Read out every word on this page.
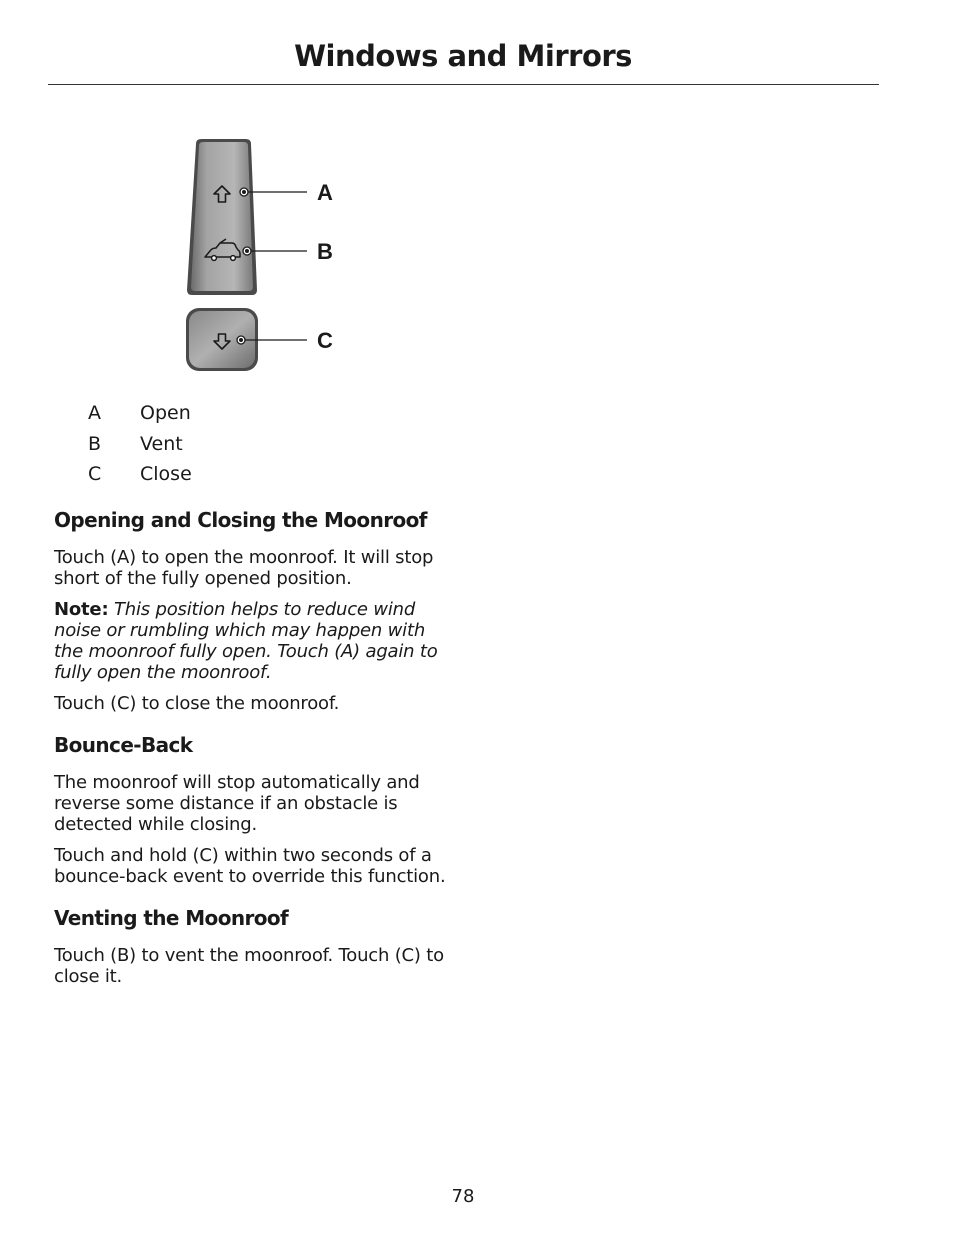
Windows and Mirrors
A
B
C
A	Open
B	Vent
C	Close
Opening and Closing the Moonroof

Touch (A) to open the moonroof. It will stop short of the fully opened position.

Note: This position helps to reduce wind noise or rumbling which may happen with the moonroof fully open. Touch (A) again to fully open the moonroof.

Touch (C) to close the moonroof.

Bounce-Back

The moonroof will stop automatically and reverse some distance if an obstacle is detected while closing.

Touch and hold (C) within two seconds of a bounce-back event to override this function.

Venting the Moonroof

Touch (B) to vent the moonroof. Touch (C) to close it.

78
